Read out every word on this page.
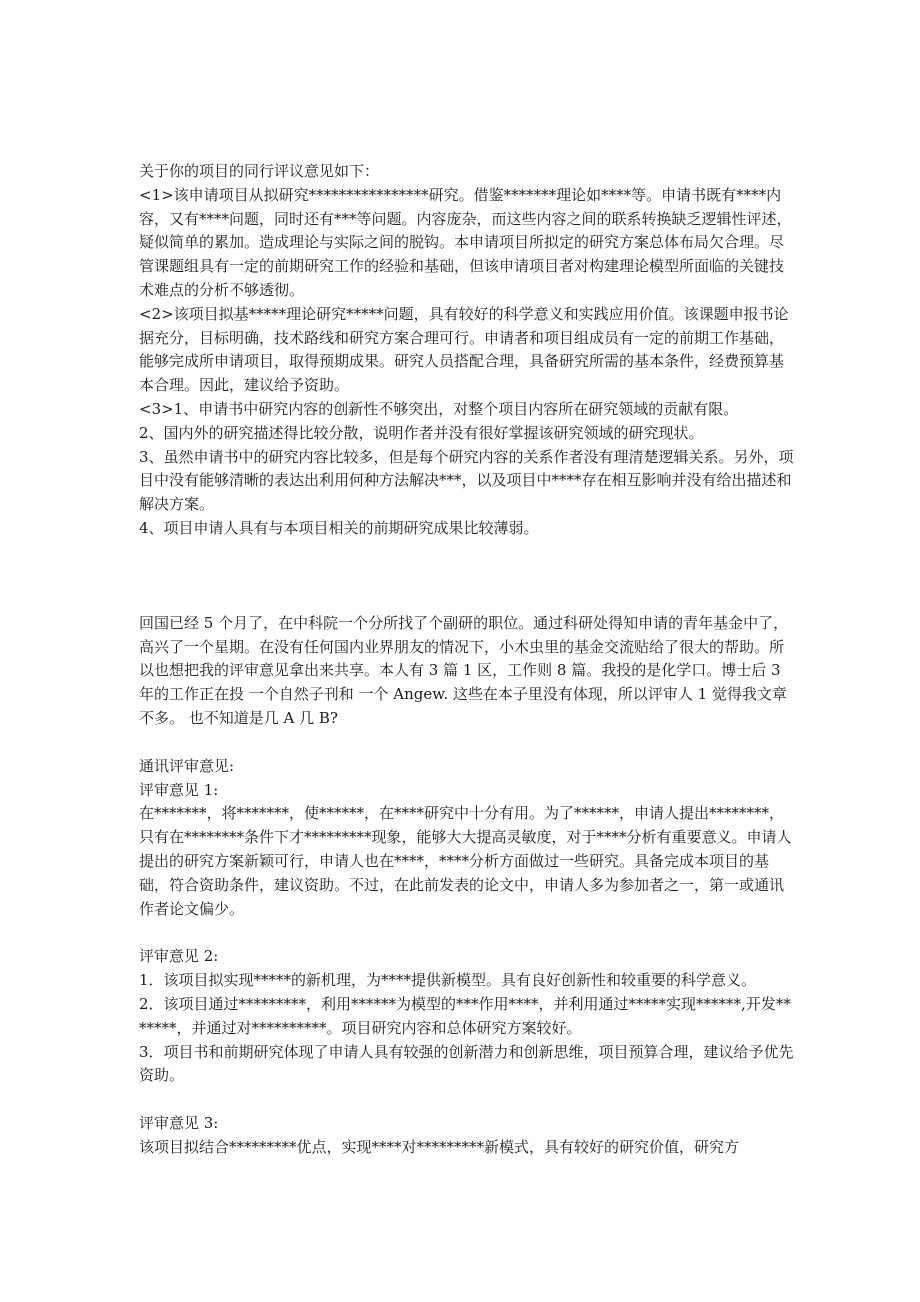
关于你的项目的同行评议意见如下：

<1>该申请项目从拟研究****************研究。借鉴*******理论如****等。申请书既有****内容，又有****问题，同时还有***等问题。内容庞杂，而这些内容之间的联系转换缺乏逻辑性评述，疑似简单的累加。造成理论与实际之间的脱钩。本申请项目所拟定的研究方案总体布局欠合理。尽管课题组具有一定的前期研究工作的经验和基础，但该申请项目者对构建理论模型所面临的关键技术难点的分析不够透彻。

<2>该项目拟基*****理论研究*****问题，具有较好的科学意义和实践应用价值。该课题申报书论据充分，目标明确，技术路线和研究方案合理可行。申请者和项目组成员有一定的前期工作基础，能够完成所申请项目，取得预期成果。研究人员搭配合理，具备研究所需的基本条件，经费预算基本合理。因此，建议给予资助。

<3>1、申请书中研究内容的创新性不够突出，对整个项目内容所在研究领域的贡献有限。

2、国内外的研究描述得比较分散，说明作者并没有很好掌握该研究领域的研究现状。

3、虽然申请书中的研究内容比较多，但是每个研究内容的关系作者没有理清楚逻辑关系。另外，项目中没有能够清晰的表达出利用何种方法解决***，以及项目中****存在相互影响并没有给出描述和解决方案。

4、项目申请人具有与本项目相关的前期研究成果比较薄弱。

回国已经 5 个月了，在中科院一个分所找了个副研的职位。通过科研处得知申请的青年基金中了，高兴了一个星期。在没有任何国内业界朋友的情况下，小木虫里的基金交流贴给了很大的帮助。所以也想把我的评审意见拿出来共享。本人有 3 篇 1 区，工作则 8 篇。我投的是化学口。博士后 3 年的工作正在投 一个自然子刊和 一个 Angew. 这些在本子里没有体现，所以评审人 1 觉得我文章不多。 也不知道是几 A 几 B?

通讯评审意见:

评审意见 1:

在*******，将*******，使******，在****研究中十分有用。为了******，申请人提出********，只有在********条件下才*********现象，能够大大提高灵敏度，对于****分析有重要意义。申请人提出的研究方案新颖可行，申请人也在****，****分析方面做过一些研究。具备完成本项目的基础，符合资助条件，建议资助。不过，在此前发表的论文中，申请人多为参加者之一，第一或通讯作者论文偏少。

评审意见 2:

1．该项目拟实现*****的新机理，为****提供新模型。具有良好创新性和较重要的科学意义。

2．该项目通过*********，利用******为模型的***作用****，并利用通过*****实现******,开发*******，并通过对**********。项目研究内容和总体研究方案较好。

3．项目书和前期研究体现了申请人具有较强的创新潜力和创新思维，项目预算合理，建议给予优先资助。

评审意见 3:

该项目拟结合*********优点，实现****对*********新模式，具有较好的研究价值，研究方
